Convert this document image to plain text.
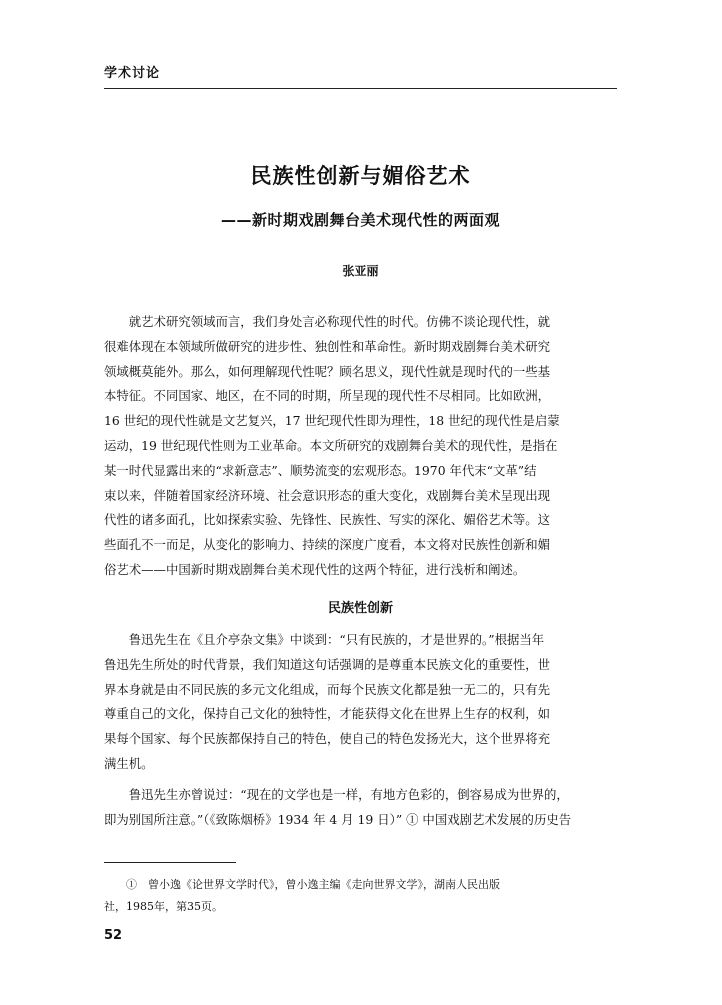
学术讨论
民族性创新与媚俗艺术
——新时期戏剧舞台美术现代性的两面观
张亚丽

　　就艺术研究领域而言，我们身处言必称现代性的时代。仿佛不谈论现代性，就
很难体现在本领域所做研究的进步性、独创性和革命性。新时期戏剧舞台美术研究
领域概莫能外。那么，如何理解现代性呢？顾名思义，现代性就是现时代的一些基
本特征。不同国家、地区，在不同的时期，所呈现的现代性不尽相同。比如欧洲，
16 世纪的现代性就是文艺复兴，17 世纪现代性即为理性，18 世纪的现代性是启蒙
运动，19 世纪现代性则为工业革命。本文所研究的戏剧舞台美术的现代性，是指在
某一时代显露出来的“求新意志”、顺势流变的宏观形态。1970 年代末“文革”结
束以来，伴随着国家经济环境、社会意识形态的重大变化，戏剧舞台美术呈现出现
代性的诸多面孔，比如探索实验、先锋性、民族性、写实的深化、媚俗艺术等。这
些面孔不一而足，从变化的影响力、持续的深度广度看，本文将对民族性创新和媚
俗艺术——中国新时期戏剧舞台美术现代性的这两个特征，进行浅析和阐述。

民族性创新

　　鲁迅先生在《且介亭杂文集》中谈到：“只有民族的，才是世界的。”根据当年
鲁迅先生所处的时代背景，我们知道这句话强调的是尊重本民族文化的重要性，世
界本身就是由不同民族的多元文化组成，而每个民族文化都是独一无二的，只有先
尊重自己的文化，保持自己文化的独特性，才能获得文化在世界上生存的权利，如
果每个国家、每个民族都保持自己的特色，使自己的特色发扬光大，这个世界将充
满生机。

　　鲁迅先生亦曾说过：“现在的文学也是一样，有地方色彩的，倒容易成为世界的，
即为别国所注意。”（《致陈烟桥》1934 年 4 月 19 日）” ① 中国戏剧艺术发展的历史告

　　①　曾小逸《论世界文学时代》，曾小逸主编《走向世界文学》，湖南人民出版
社，1985年，第35页。

52
